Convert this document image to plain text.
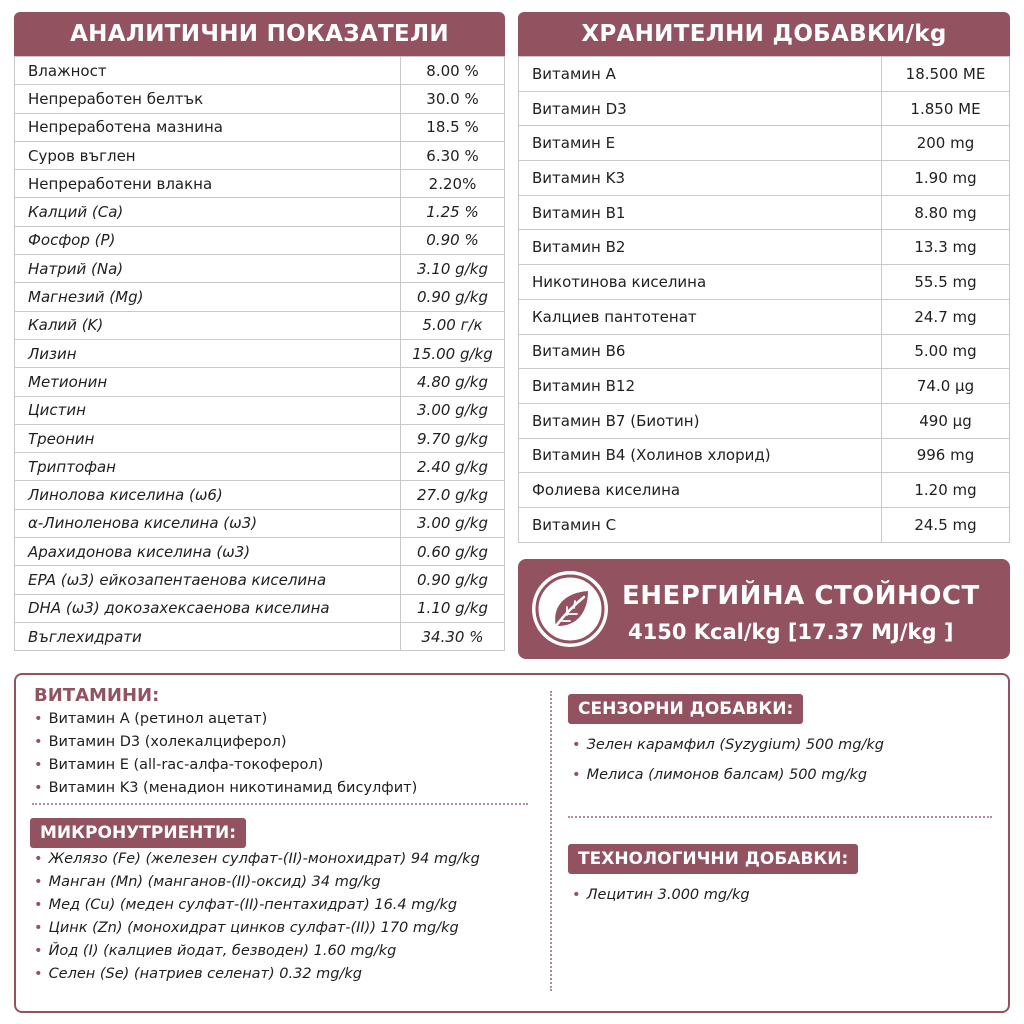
АНАЛИТИЧНИ ПОКАЗАТЕЛИ
Влажност	8.00 %
Непреработен белтък	30.0 %
Непреработена мазнина	18.5 %
Суров въглен	6.30 %
Непреработени влакна	2.20%
Калций (Ca)	1.25 %
Фосфор (P)	0.90 %
Натрий (Na)	3.10 g/kg
Магнезий (Mg)	0.90 g/kg
Калий (K)	5.00 г/к
Лизин	15.00 g/kg
Метионин	4.80 g/kg
Цистин	3.00 g/kg
Треонин	9.70 g/kg
Триптофан	2.40 g/kg
Линолова киселина (ω6)	27.0 g/kg
α-Линоленова киселина (ω3)	3.00 g/kg
Арахидонова киселина (ω3)	0.60 g/kg
EPA (ω3) ейкозапентаенова киселина	0.90 g/kg
DHA (ω3) докозахексаенова киселина	1.10 g/kg
Въглехидрати	34.30 %
ХРАНИТЕЛНИ ДОБАВКИ/kg
Витамин A	18.500 МЕ
Витамин D3	1.850 МЕ
Витамин E	200 mg
Витамин K3	1.90 mg
Витамин B1	8.80 mg
Витамин B2	13.3 mg
Никотинова киселина	55.5 mg
Калциев пантотенат	24.7 mg
Витамин B6	5.00 mg
Витамин B12	74.0 µg
Витамин B7 (Биотин)	490 µg
Витамин B4 (Холинов хлорид)	996 mg
Фолиева киселина	1.20 mg
Витамин C	24.5 mg
ЕНЕРГИЙНА СТОЙНОСТ
4150 Kcal/kg [17.37 MJ/kg ]
ВИТАМИНИ:
• Витамин A (ретинол ацетат)
• Витамин D3 (холекалциферол)
• Витамин E (all-rac-алфа-токоферол)
• Витамин K3 (менадион никотинамид бисулфит)
МИКРОНУТРИЕНТИ:
• Желязо (Fe) (железен сулфат-(II)-монохидрат) 94 mg/kg
• Манган (Mn) (манганов-(II)-оксид) 34 mg/kg
• Мед (Cu) (меден сулфат-(II)-пентахидрат) 16.4 mg/kg
• Цинк (Zn) (монохидрат цинков сулфат-(II)) 170 mg/kg
• Йод (I) (калциев йодат, безводен) 1.60 mg/kg
• Селен (Se) (натриев селенат) 0.32 mg/kg
СЕНЗОРНИ ДОБАВКИ:
• Зелен карамфил (Syzygium) 500 mg/kg
• Мелиса (лимонов балсам) 500 mg/kg
ТЕХНОЛОГИЧНИ ДОБАВКИ:
• Лецитин 3.000 mg/kg
